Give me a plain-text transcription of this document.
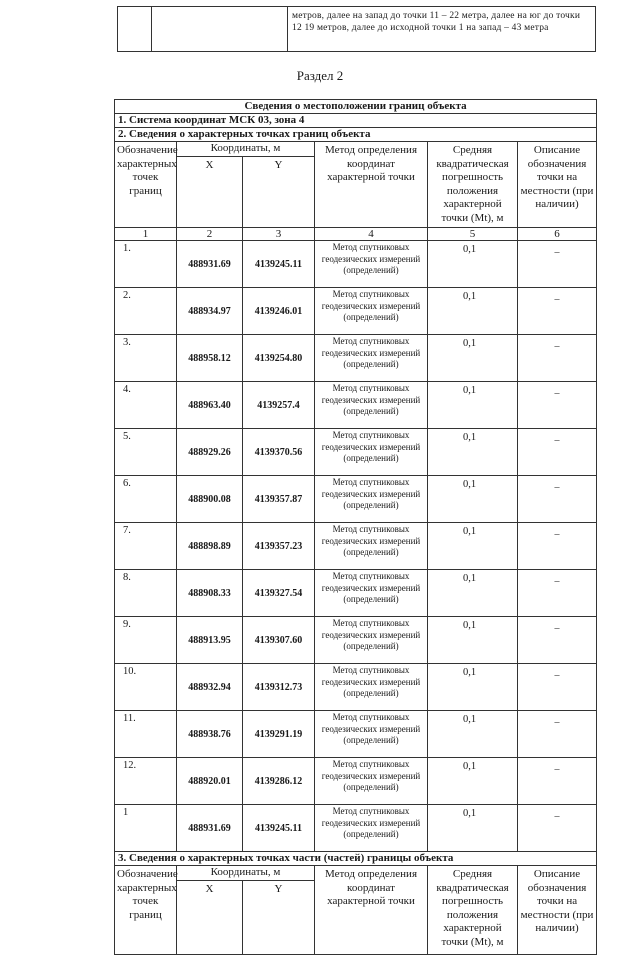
метров, далее на запад до точки 11 – 22 метра, далее на юг до точки 12 19 метров, далее до исходной точки 1 на запад – 43 метра
Раздел 2
Сведения о местоположении границ объекта					
1. Система координат МСК 03, зона 4					
2. Сведения о характерных точках границ объекта					
Обозначение характерных точек границ	Координаты, м		Метод определения координат характерной точки	Средняя квадратическая погрешность положения характерной точки (Mt), м	Описание обозначения точки на местности (при наличии)
	X	Y			
1	2	3	4	5	6
1.	488931.69	4139245.11	Метод спутниковых геодезических измерений (определений)	0,1	–
2.	488934.97	4139246.01	Метод спутниковых геодезических измерений (определений)	0,1	–
3.	488958.12	4139254.80	Метод спутниковых геодезических измерений (определений)	0,1	–
4.	488963.40	4139257.4	Метод спутниковых геодезических измерений (определений)	0,1	–
5.	488929.26	4139370.56	Метод спутниковых геодезических измерений (определений)	0,1	–
6.	488900.08	4139357.87	Метод спутниковых геодезических измерений (определений)	0,1	–
7.	488898.89	4139357.23	Метод спутниковых геодезических измерений (определений)	0,1	–
8.	488908.33	4139327.54	Метод спутниковых геодезических измерений (определений)	0,1	–
9.	488913.95	4139307.60	Метод спутниковых геодезических измерений (определений)	0,1	–
10.	488932.94	4139312.73	Метод спутниковых геодезических измерений (определений)	0,1	–
11.	488938.76	4139291.19	Метод спутниковых геодезических измерений (определений)	0,1	–
12.	488920.01	4139286.12	Метод спутниковых геодезических измерений (определений)	0,1	–
1	488931.69	4139245.11	Метод спутниковых геодезических измерений (определений)	0,1	–
3. Сведения о характерных точках части (частей) границы объекта					
Обозначение характерных точек границ	Координаты, м		Метод определения координат характерной точки	Средняя квадратическая погрешность положения характерной точки (Mt), м	Описание обозначения точки на местности (при наличии)
	X	Y			
